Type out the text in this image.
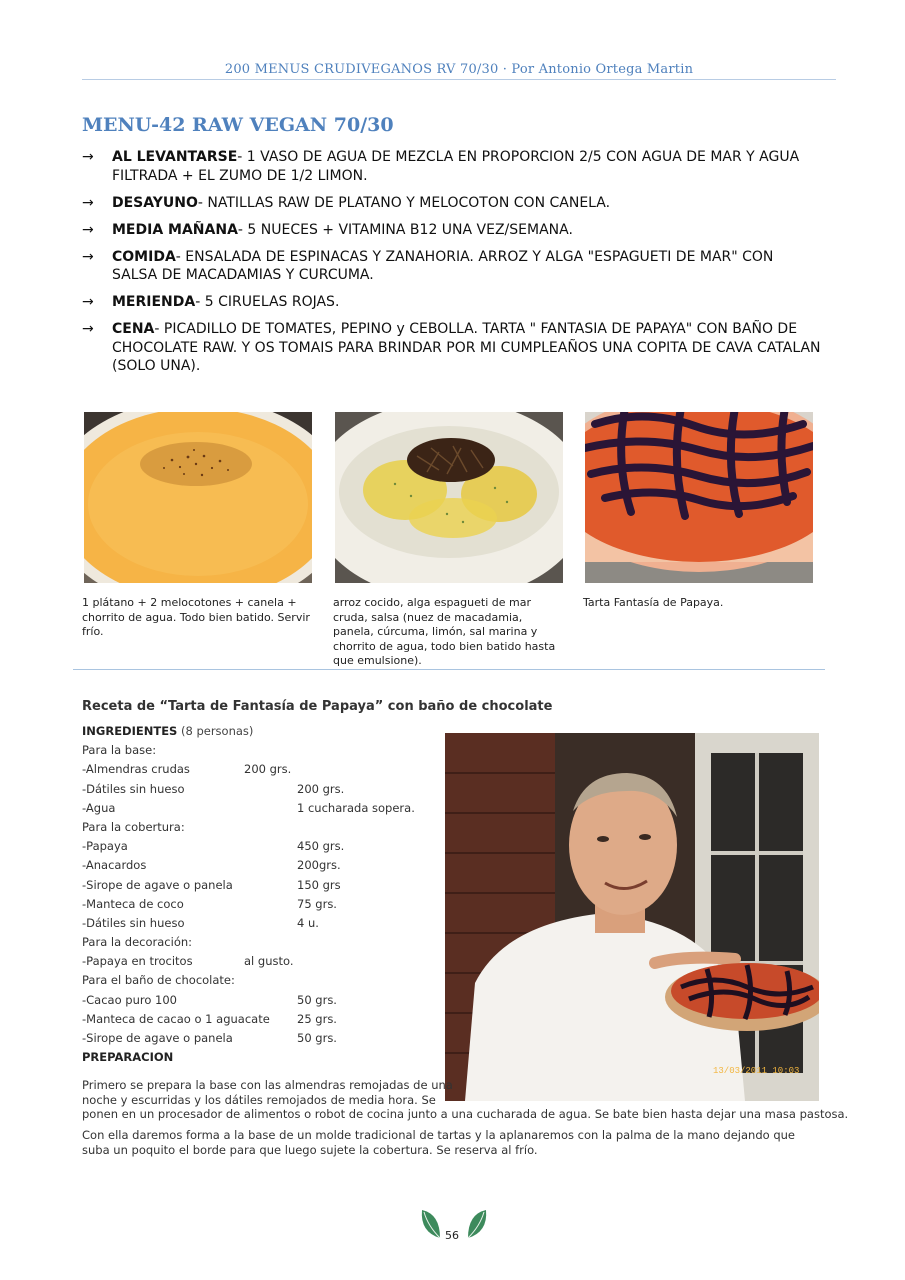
200 MENUS CRUDIVEGANOS RV 70/30 · Por Antonio Ortega Martin
MENU-42 RAW VEGAN 70/30
→ AL LEVANTARSE- 1 VASO DE AGUA DE MEZCLA EN PROPORCION 2/5 CON AGUA DE MAR Y AGUA FILTRADA + EL ZUMO DE 1/2 LIMON.
→ DESAYUNO- NATILLAS RAW DE PLATANO Y MELOCOTON CON CANELA.
→ MEDIA MAÑANA- 5 NUECES + VITAMINA B12 UNA VEZ/SEMANA.
→ COMIDA- ENSALADA DE ESPINACAS Y ZANAHORIA. ARROZ Y ALGA "ESPAGUETI DE MAR" CON SALSA DE MACADAMIAS Y CURCUMA.
→ MERIENDA- 5 CIRUELAS ROJAS.
→ CENA- PICADILLO DE TOMATES, PEPINO y CEBOLLA. TARTA " FANTASIA DE PAPAYA" CON BAÑO DE CHOCOLATE RAW. Y OS TOMAIS PARA BRINDAR POR MI CUMPLEAÑOS UNA COPITA DE CAVA CATALAN (SOLO UNA).
1 plátano + 2 melocotones + canela + chorrito de agua. Todo bien batido. Servir frío.
arroz cocido, alga espagueti de mar cruda, salsa (nuez de macadamia, panela, cúrcuma, limón, sal marina y chorrito de agua, todo bien batido hasta que emulsione).
Tarta Fantasía de Papaya.
Receta de “Tarta de Fantasía de Papaya” con baño de chocolate
INGREDIENTES (8 personas)
Para la base:
-Almendras crudas	200 grs.
-Dátiles sin hueso	200 grs.
-Agua	1 cucharada sopera.
Para la cobertura:
-Papaya	450 grs.
-Anacardos	200grs.
-Sirope de agave o panela	150 grs
-Manteca de coco	75 grs.
-Dátiles sin hueso	4 u.
Para la decoración:
-Papaya en trocitos	al gusto.
Para el baño de chocolate:
-Cacao puro 100	50 grs.
-Manteca de cacao o 1 aguacate 25 grs.
-Sirope de agave o panela	50 grs.
PREPARACION
13/03/2011 10:03
Primero se prepara la base con las almendras remojadas de una
noche y escurridas y los dátiles remojados de media hora. Se
ponen en un procesador de alimentos o robot de cocina junto a una cucharada de agua. Se bate bien hasta dejar una masa pastosa.
Con ella daremos forma a la base de un molde tradicional de tartas y la aplanaremos con la palma de la mano dejando que suba un poquito el borde para que luego sujete la cobertura. Se reserva al frío.
56
